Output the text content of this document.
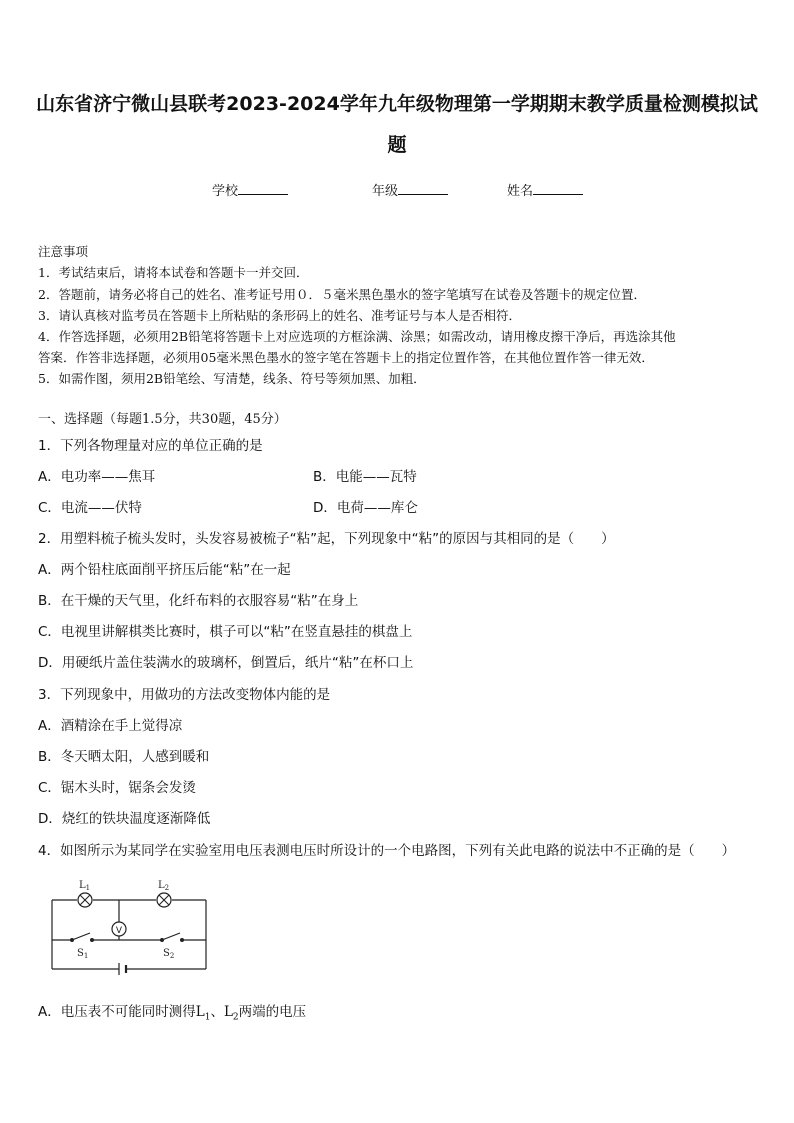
山东省济宁微山县联考2023-2024学年九年级物理第一学期期末教学质量检测模拟试
题
学校	年级	姓名
注意事项
1．考试结束后，请将本试卷和答题卡一并交回．
2．答题前，请务必将自己的姓名、准考证号用０．５毫米黑色墨水的签字笔填写在试卷及答题卡的规定位置．
3．请认真核对监考员在答题卡上所粘贴的条形码上的姓名、准考证号与本人是否相符．
4．作答选择题，必须用2B铅笔将答题卡上对应选项的方框涂满、涂黑；如需改动，请用橡皮擦干净后，再选涂其他
答案．作答非选择题，必须用05毫米黑色墨水的签字笔在答题卡上的指定位置作答，在其他位置作答一律无效．
5．如需作图，须用2B铅笔绘、写清楚，线条、符号等须加黑、加粗．
一、选择题（每题1.5分，共30题，45分）
1．下列各物理量对应的单位正确的是
A．电功率——焦耳	B．电能——瓦特
C．电流——伏特	D．电荷——库仑
2．用塑料梳子梳头发时，头发容易被梳子“粘”起，下列现象中“粘”的原因与其相同的是（　　）
A．两个铅柱底面削平挤压后能“粘”在一起
B．在干燥的天气里，化纤布料的衣服容易“粘”在身上
C．电视里讲解棋类比赛时，棋子可以“粘”在竖直悬挂的棋盘上
D．用硬纸片盖住装满水的玻璃杯，倒置后，纸片“粘”在杯口上
3．下列现象中，用做功的方法改变物体内能的是
A．酒精涂在手上觉得凉
B．冬天晒太阳，人感到暖和
C．锯木头时，锯条会发烫
D．烧红的铁块温度逐渐降低
4．如图所示为某同学在实验室用电压表测电压时所设计的一个电路图，下列有关此电路的说法中不正确的是（　　）
V
$L_1$	$L_2$
$S_1$	$S_2$
A．电压表不可能同时测得$L_1$、$L_2$两端的电压
